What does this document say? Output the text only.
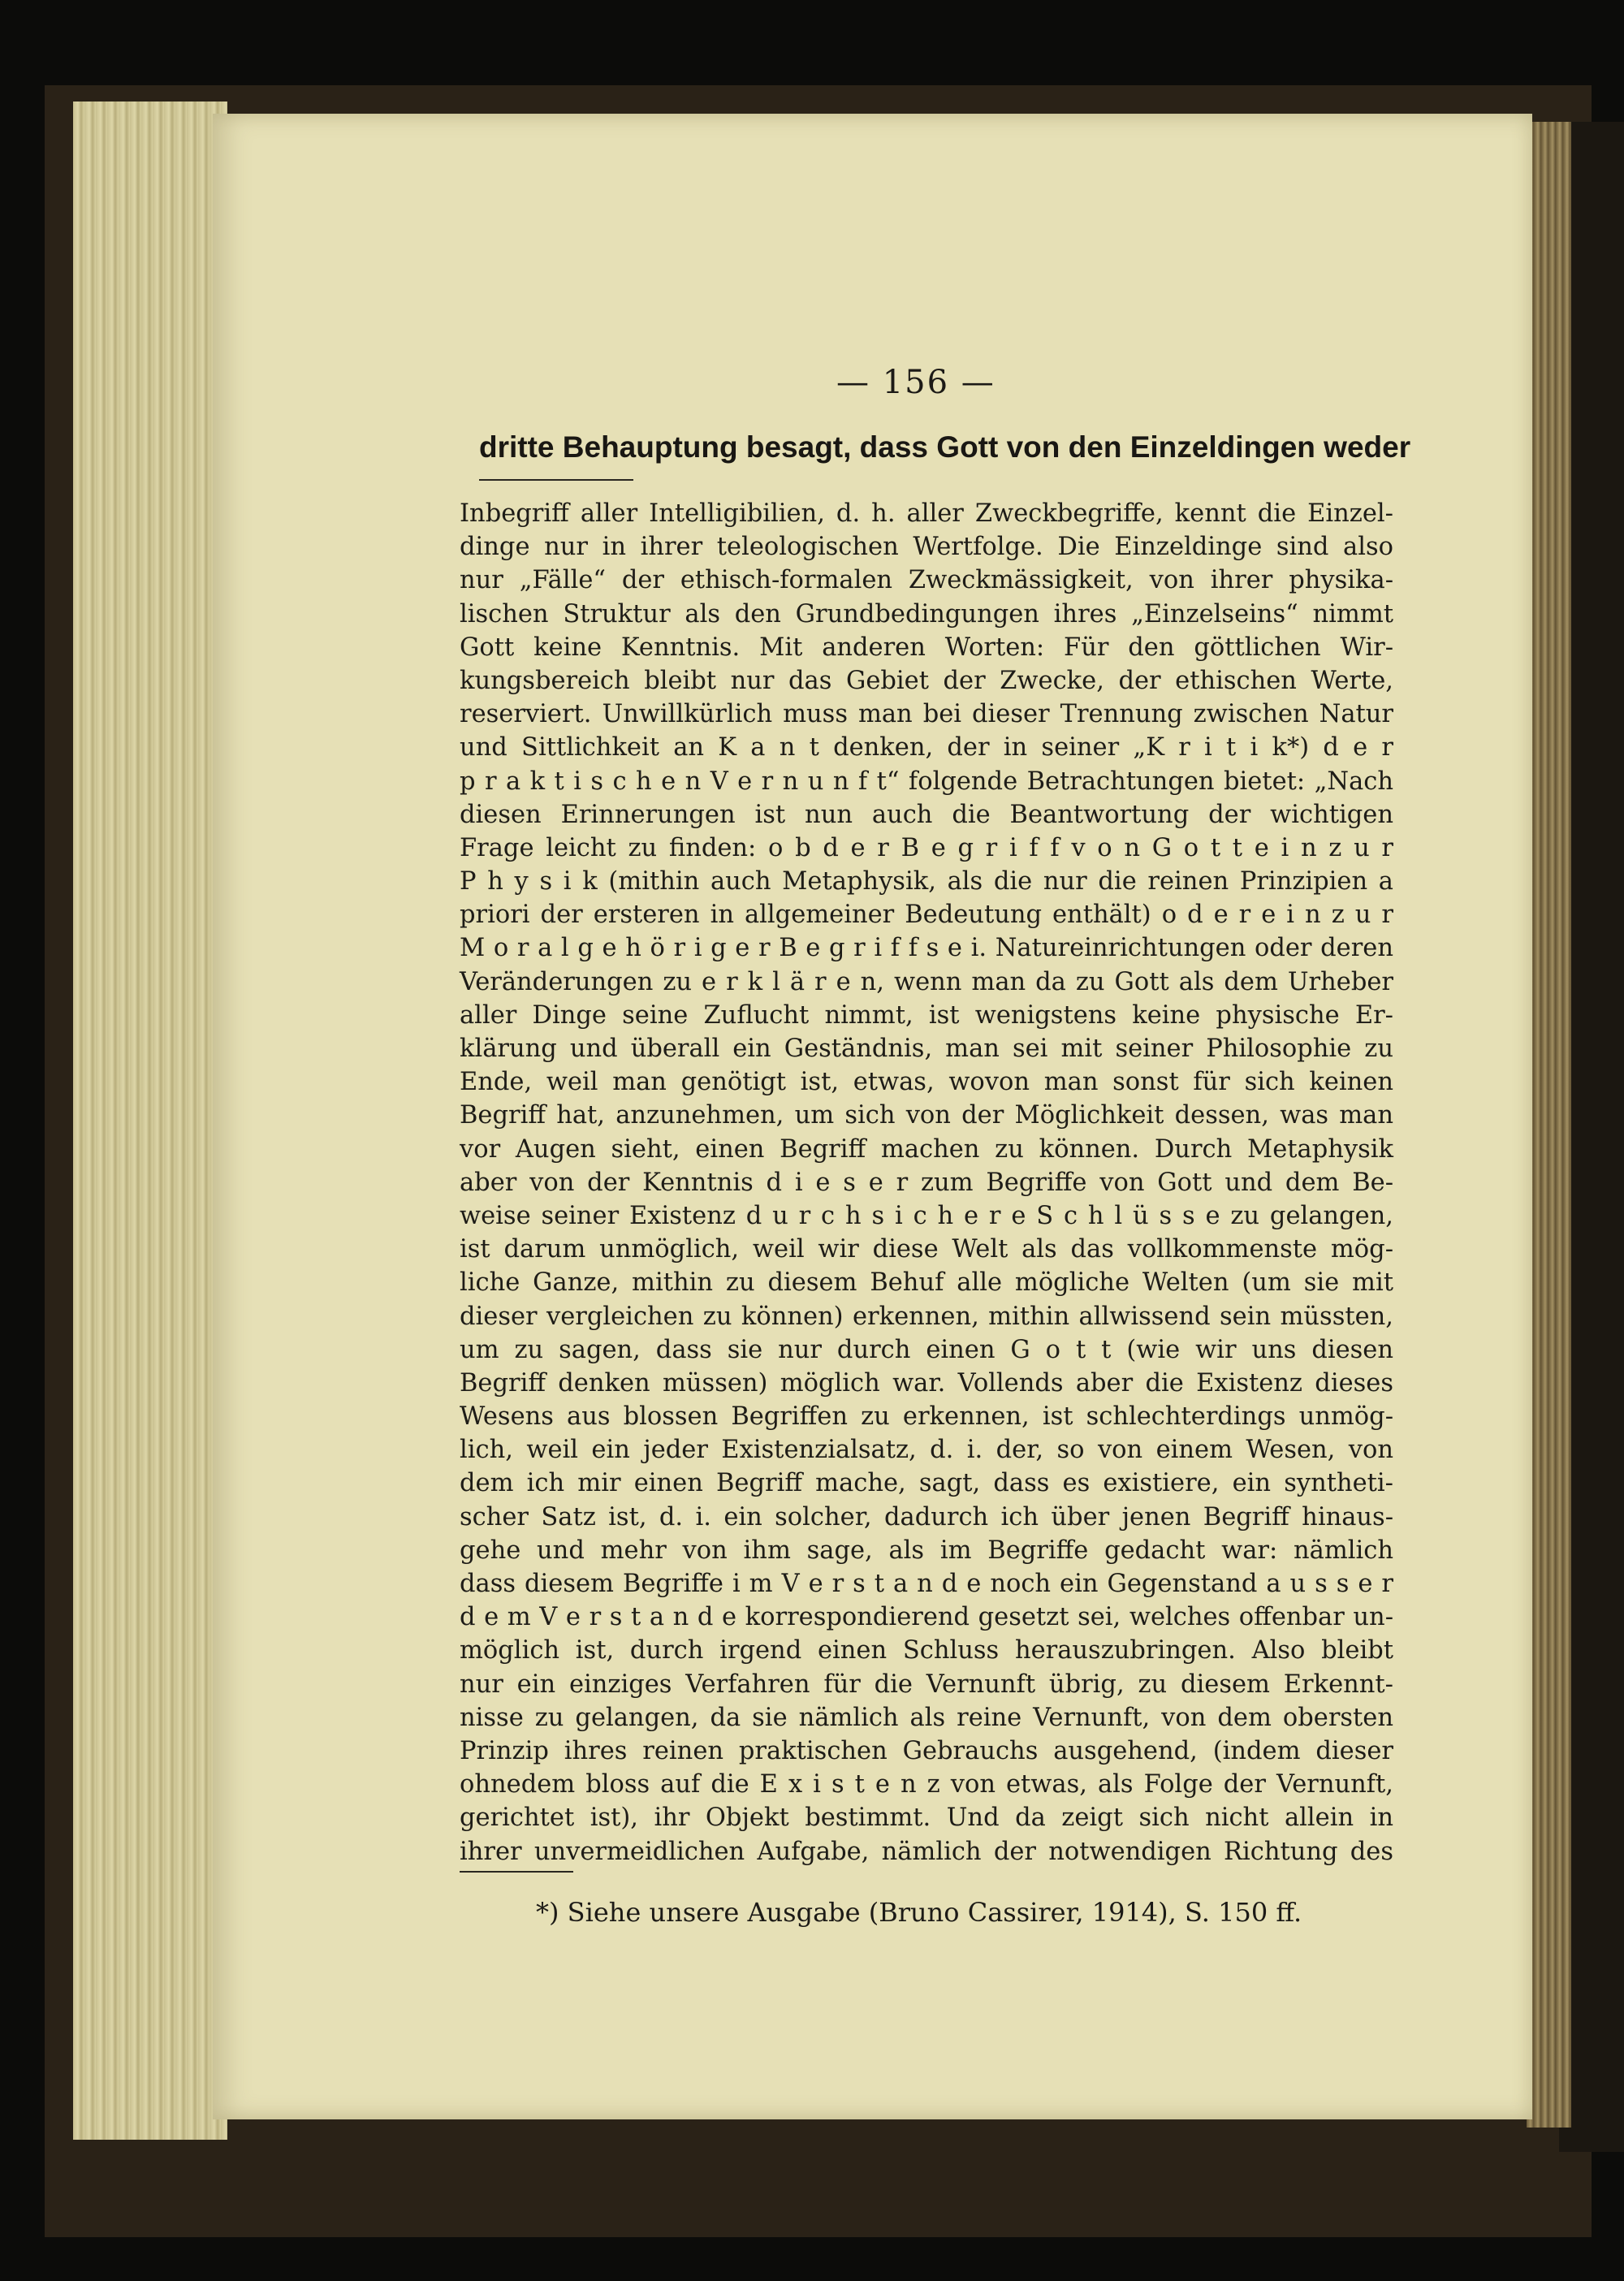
— 156 —
dritte Behauptung besagt, dass Gott von den Einzeldingen weder
Inbegriff aller Intelligibilien, d. h. aller Zweckbegriffe, kennt die Einzel-
dinge nur in ihrer teleologischen Wertfolge. Die Einzeldinge sind also
nur „Fälle“ der ethisch-formalen Zweckmässigkeit, von ihrer physika-
lischen Struktur als den Grundbedingungen ihres „Einzelseins“ nimmt
Gott keine Kenntnis. Mit anderen Worten: Für den göttlichen Wir-
kungsbereich bleibt nur das Gebiet der Zwecke, der ethischen Werte,
reserviert. Unwillkürlich muss man bei dieser Trennung zwischen Natur
und Sittlichkeit an K a n t denken, der in seiner „K r i t i k*) d e r
p r a k t i s c h e n V e r n u n f t“ folgende Betrachtungen bietet: „Nach
diesen Erinnerungen ist nun auch die Beantwortung der wichtigen
Frage leicht zu finden: o b d e r B e g r i f f v o n G o t t e i n z u r
P h y s i k (mithin auch Metaphysik, als die nur die reinen Prinzipien a
priori der ersteren in allgemeiner Bedeutung enthält) o d e r e i n z u r
M o r a l g e h ö r i g e r B e g r i f f s e i. Natureinrichtungen oder deren
Veränderungen zu e r k l ä r e n, wenn man da zu Gott als dem Urheber
aller Dinge seine Zuflucht nimmt, ist wenigstens keine physische Er-
klärung und überall ein Geständnis, man sei mit seiner Philosophie zu
Ende, weil man genötigt ist, etwas, wovon man sonst für sich keinen
Begriff hat, anzunehmen, um sich von der Möglichkeit dessen, was man
vor Augen sieht, einen Begriff machen zu können. Durch Metaphysik
aber von der Kenntnis d i e s e r zum Begriffe von Gott und dem Be-
weise seiner Existenz d u r c h s i c h e r e S c h l ü s s e zu gelangen,
ist darum unmöglich, weil wir diese Welt als das vollkommenste mög-
liche Ganze, mithin zu diesem Behuf alle mögliche Welten (um sie mit
dieser vergleichen zu können) erkennen, mithin allwissend sein müssten,
um zu sagen, dass sie nur durch einen G o t t (wie wir uns diesen
Begriff denken müssen) möglich war. Vollends aber die Existenz dieses
Wesens aus blossen Begriffen zu erkennen, ist schlechterdings unmög-
lich, weil ein jeder Existenzialsatz, d. i. der, so von einem Wesen, von
dem ich mir einen Begriff mache, sagt, dass es existiere, ein syntheti-
scher Satz ist, d. i. ein solcher, dadurch ich über jenen Begriff hinaus-
gehe und mehr von ihm sage, als im Begriffe gedacht war: nämlich
dass diesem Begriffe i m V e r s t a n d e noch ein Gegenstand a u s s e r
d e m V e r s t a n d e korrespondierend gesetzt sei, welches offenbar un-
möglich ist, durch irgend einen Schluss herauszubringen. Also bleibt
nur ein einziges Verfahren für die Vernunft übrig, zu diesem Erkennt-
nisse zu gelangen, da sie nämlich als reine Vernunft, von dem obersten
Prinzip ihres reinen praktischen Gebrauchs ausgehend, (indem dieser
ohnedem bloss auf die E x i s t e n z von etwas, als Folge der Vernunft,
gerichtet ist), ihr Objekt bestimmt. Und da zeigt sich nicht allein in
ihrer unvermeidlichen Aufgabe, nämlich der notwendigen Richtung des
*) Siehe unsere Ausgabe (Bruno Cassirer, 1914), S. 150 ff.
